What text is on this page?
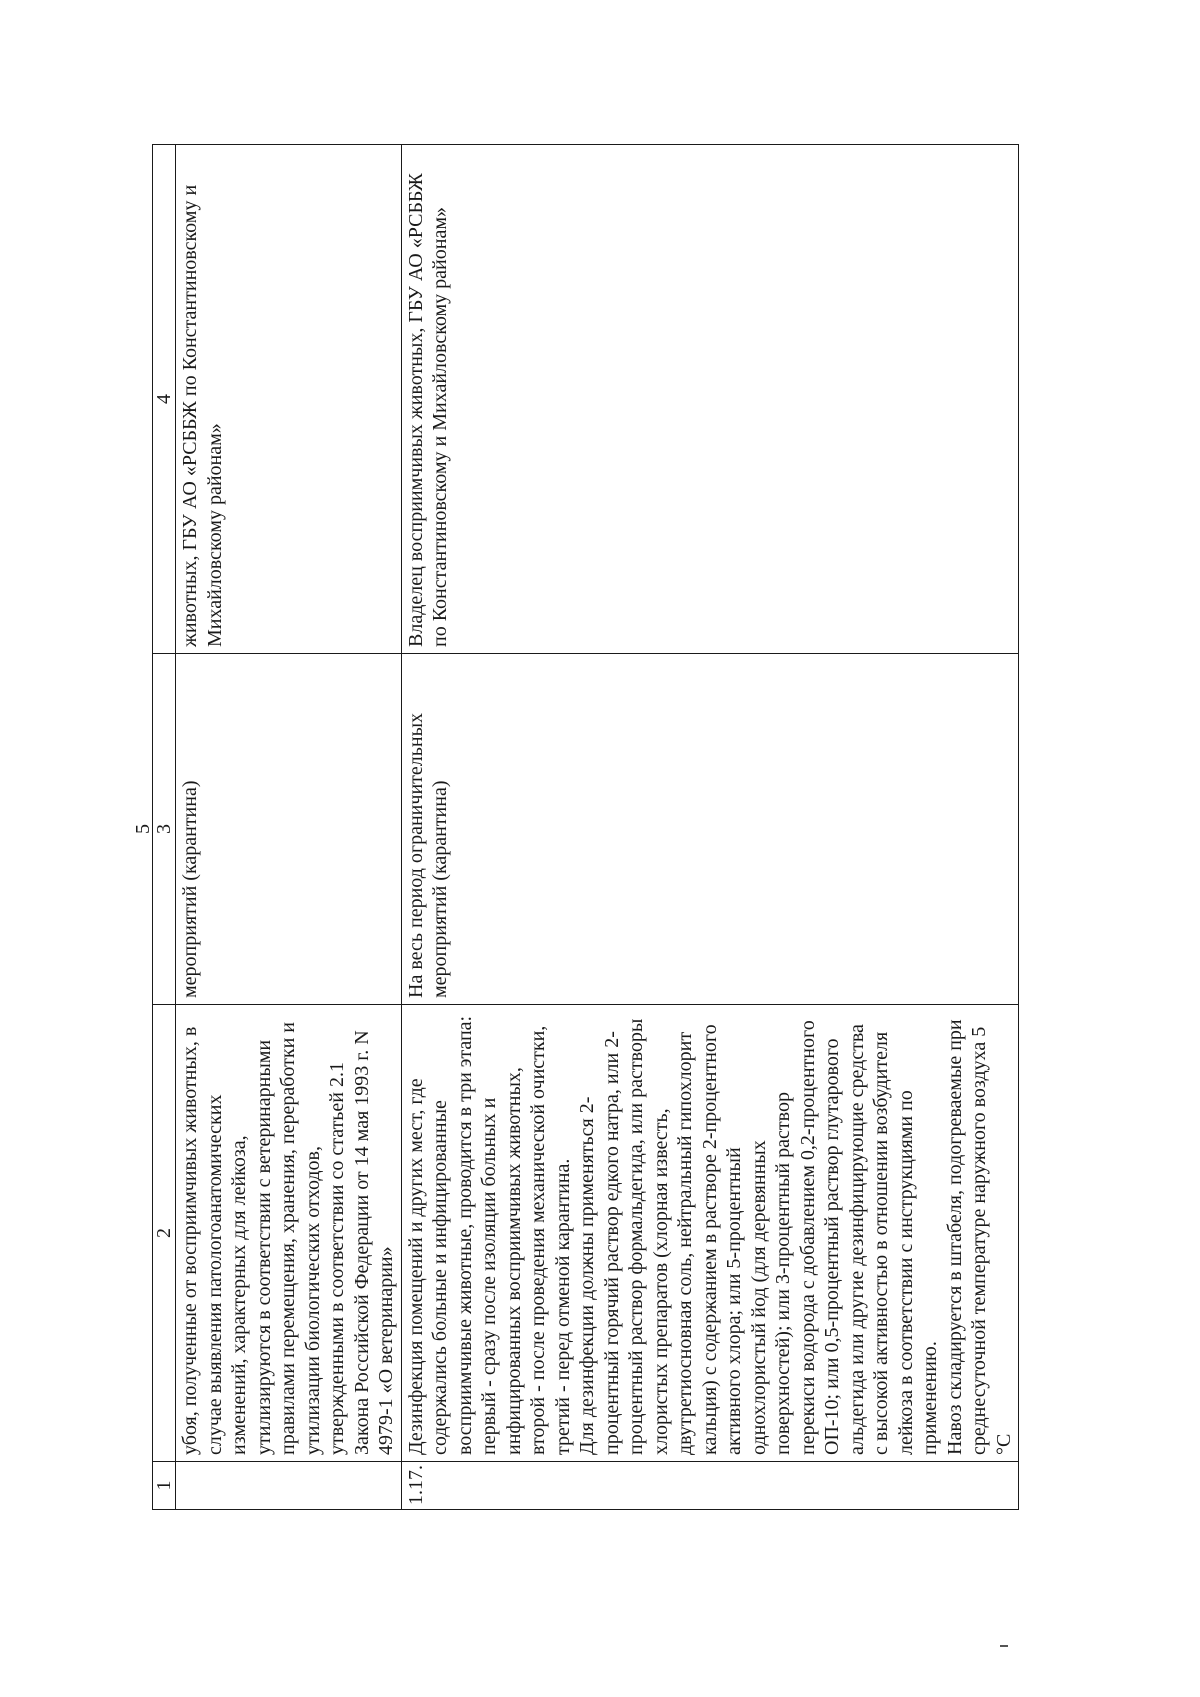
5
1	2	3	4
	убоя, полученные от восприимчивых животных, в случае выявления патологоанатомических изменений, характерных для лейкоза, утилизируются в соответствии с ветеринарными правилами перемещения, хранения, переработки и утилизации биологических отходов, утвержденными в соответствии со статьей 2.1 Закона Российской Федерации от 14 мая 1993 г. N 4979-1 «О ветеринарии»	мероприятий (карантина)	животных, ГБУ АО «РСББЖ по Константиновскому и Михайловскому районам»
1.17.	Дезинфекция помещений и других мест, где содержались больные и инфицированные восприимчивые животные, проводится в три этапа: первый - сразу после изоляции больных и инфицированных восприимчивых животных, второй - после проведения механической очистки, третий - перед отменой карантина. Для дезинфекции должны применяться 2-процентный горячий раствор едкого натра, или 2-процентный раствор формальдегида, или растворы хлористых препаратов (хлорная известь, двутретиосновная соль, нейтральный гипохлорит кальция) с содержанием в растворе 2-процентного активного хлора; или 5-процентный однохлористый йод (для деревянных поверхностей); или 3-процентный раствор перекиси водорода с добавлением 0,2-процентного ОП-10; или 0,5-процентный раствор глутарового альдегида или другие дезинфицирующие средства с высокой активностью в отношении возбудителя лейкоза в соответствии с инструкциями по применению. Навоз складируется в штабеля, подогреваемые при среднесуточной температуре наружного воздуха 5 °С	На весь период ограничительных мероприятий (карантина)	Владелец восприимчивых животных, ГБУ АО «РСББЖ по Константиновскому и Михайловскому районам»
